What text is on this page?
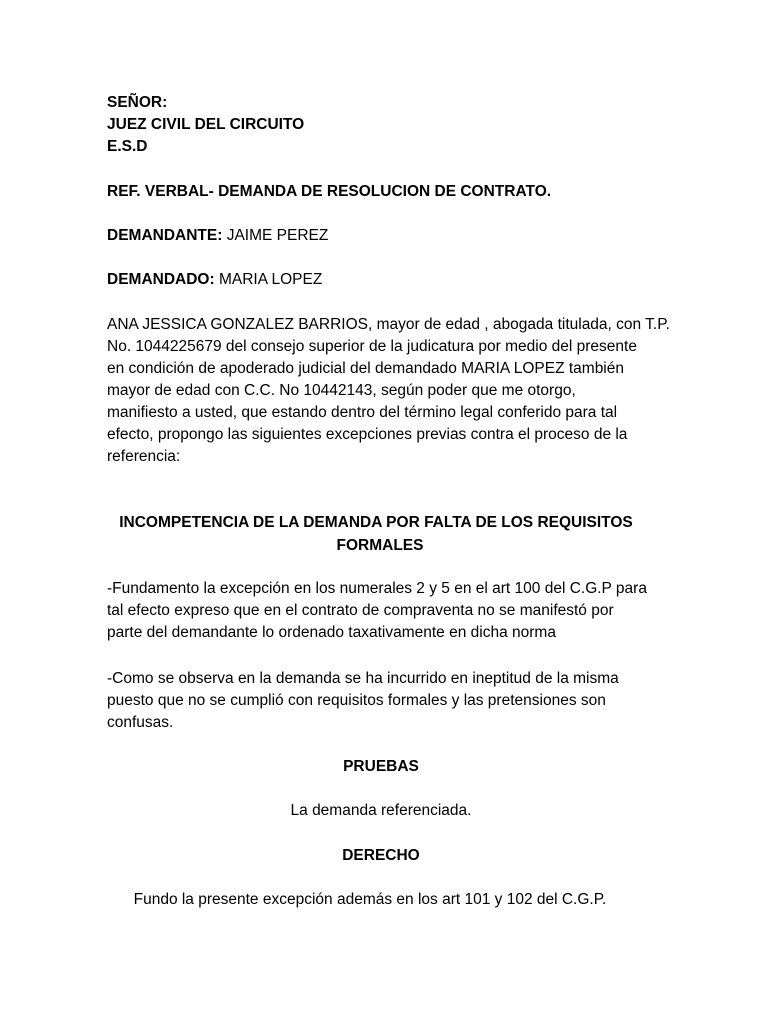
SEÑOR:
JUEZ CIVIL DEL CIRCUITO
E.S.D
REF. VERBAL- DEMANDA DE RESOLUCION DE CONTRATO.
DEMANDANTE: JAIME PEREZ
DEMANDADO: MARIA LOPEZ
ANA JESSICA GONZALEZ BARRIOS, mayor de edad , abogada titulada, con T.P.
No. 1044225679 del consejo superior de la judicatura por medio del presente
en condición de apoderado judicial del demandado MARIA LOPEZ también
mayor de edad con C.C. No 10442143, según poder que me otorgo,
manifiesto a usted, que estando dentro del término legal conferido para tal
efecto, propongo las siguientes excepciones previas contra el proceso de la
referencia:
INCOMPETENCIA DE LA DEMANDA POR FALTA DE LOS REQUISITOS
FORMALES
-Fundamento la excepción en los numerales 2 y 5 en el art 100 del C.G.P para
tal efecto expreso que en el contrato de compraventa no se manifestó por
parte del demandante lo ordenado taxativamente en dicha norma
-Como se observa en la demanda se ha incurrido en ineptitud de la misma
puesto que no se cumplió con requisitos formales y las pretensiones son
confusas.
PRUEBAS
La demanda referenciada.
DERECHO
Fundo la presente excepción además en los art 101 y 102 del C.G.P.
